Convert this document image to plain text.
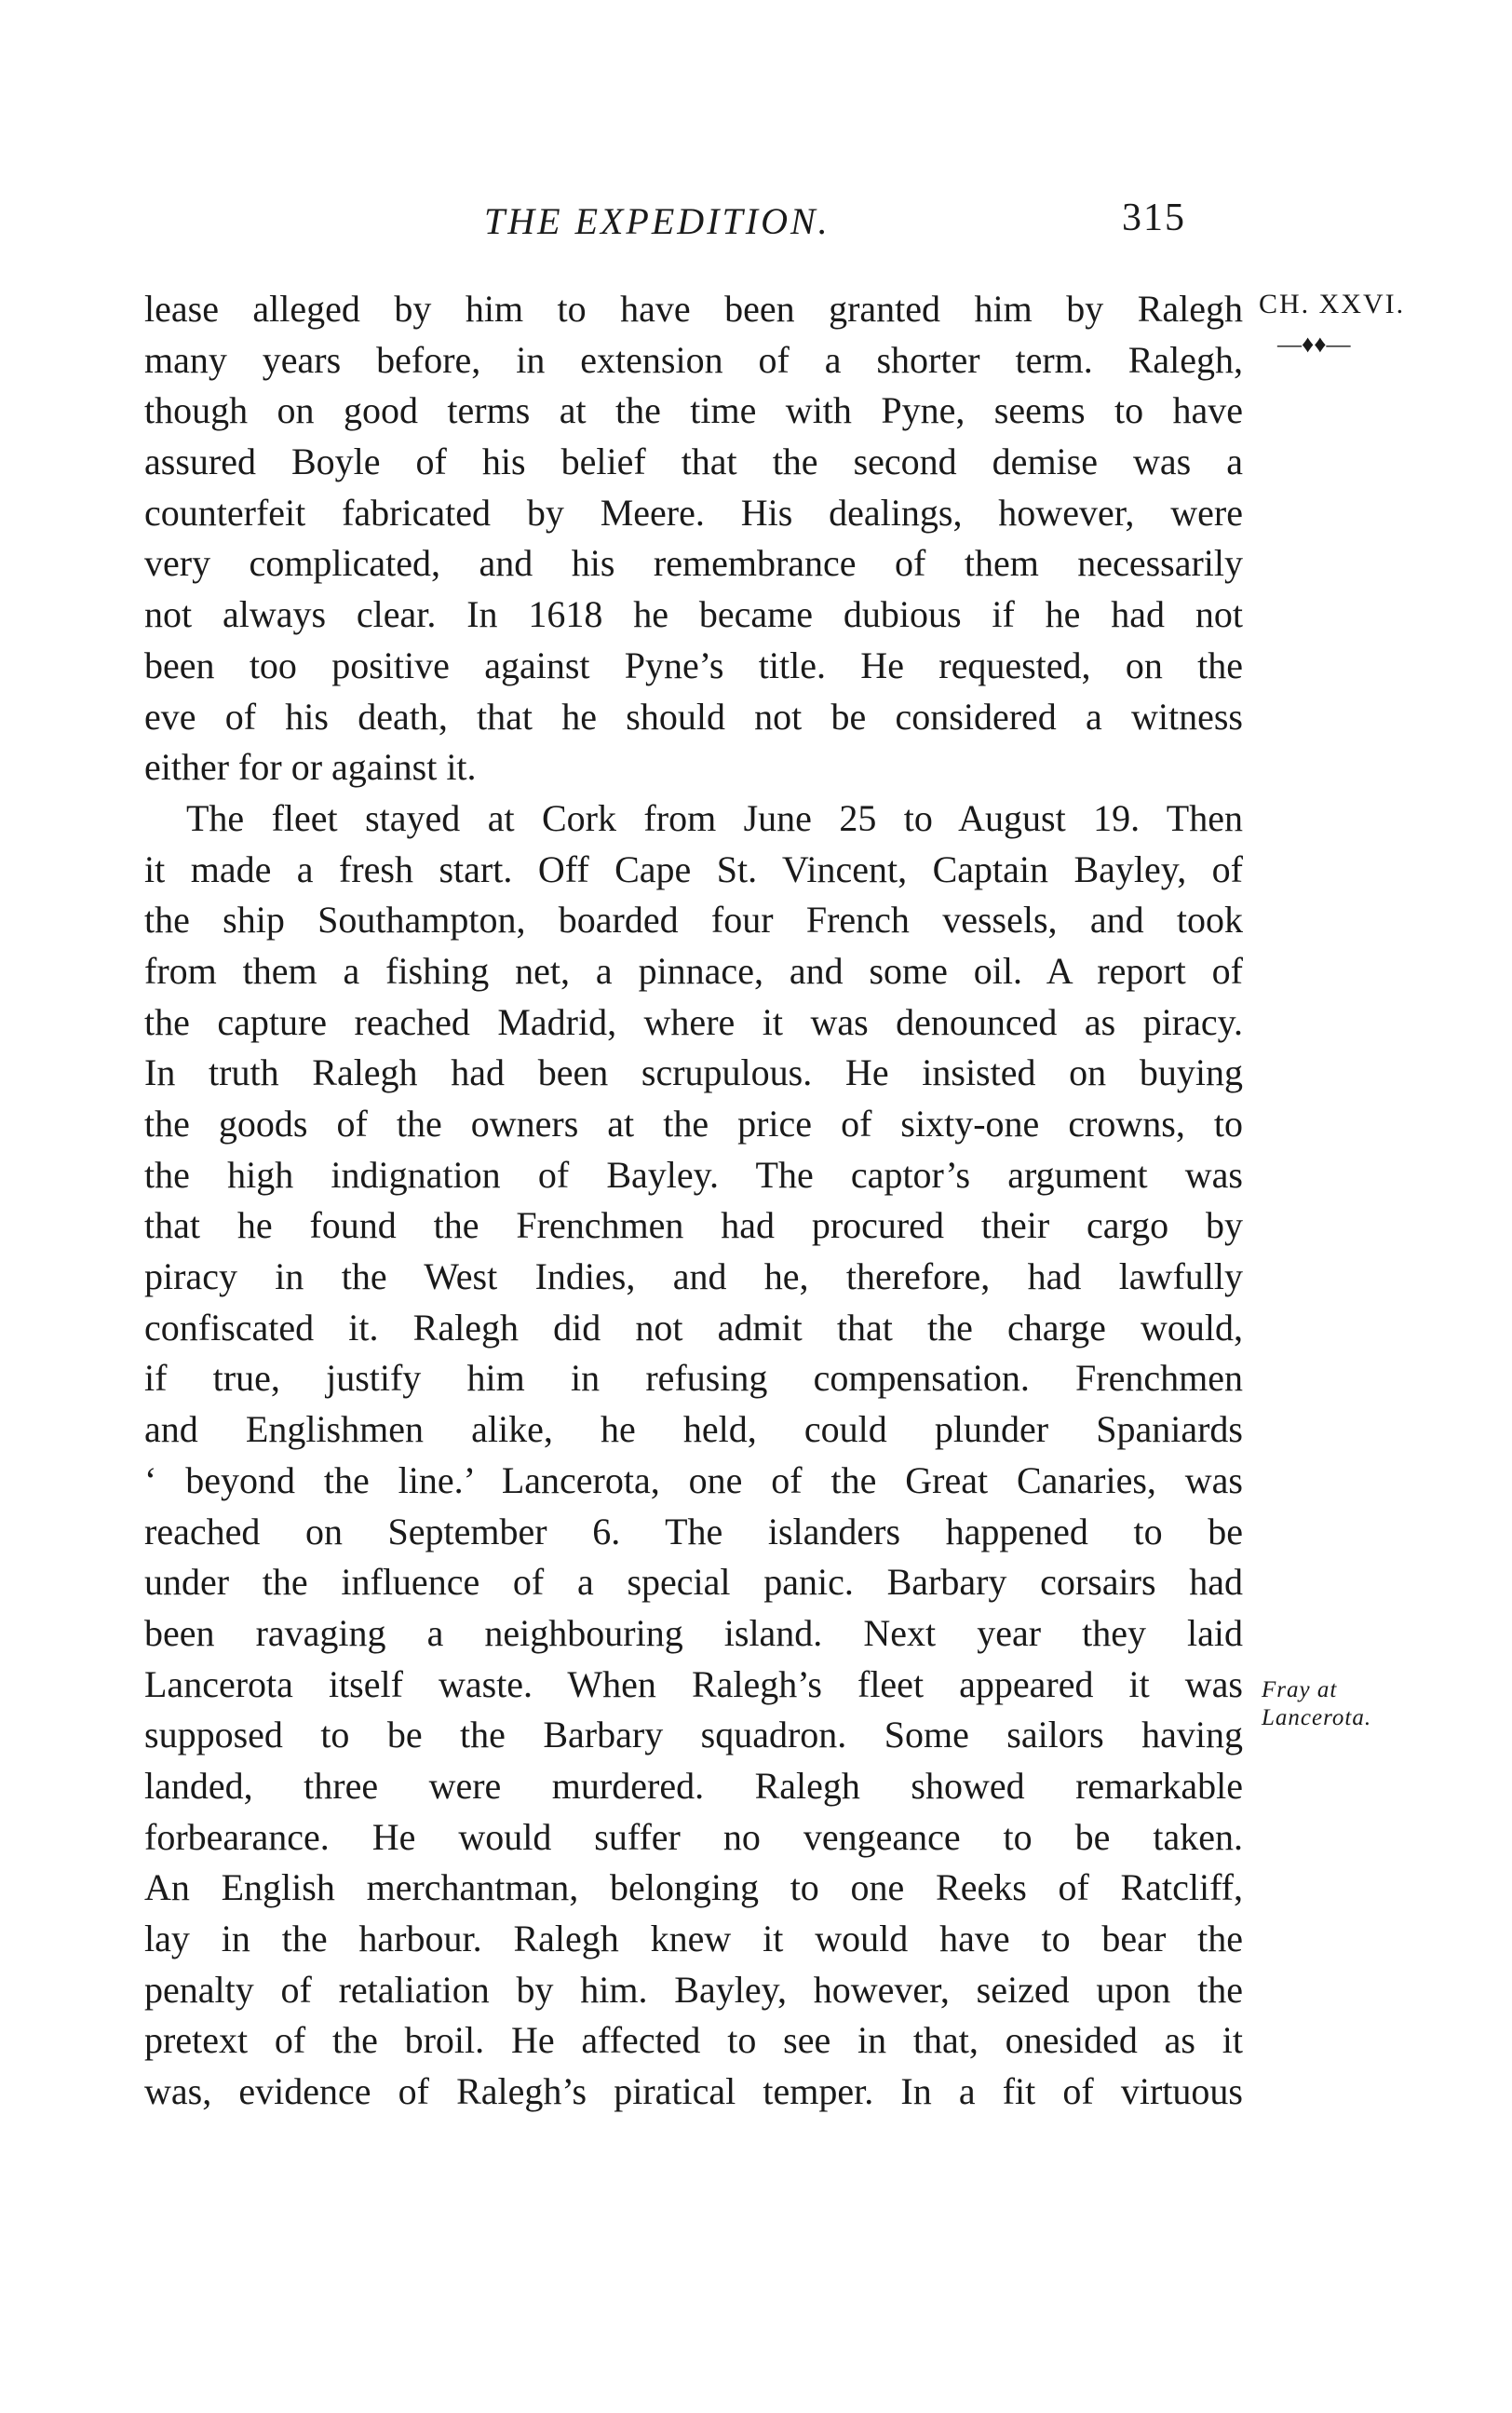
THE EXPEDITION.	315
CH. XXVI.
—♦♦—
Fray at
Lancerota.
lease alleged by him to have been granted him by Ralegh
many years before, in extension of a shorter term. Ralegh,
though on good terms at the time with Pyne, seems to have
assured Boyle of his belief that the second demise was a
counterfeit fabricated by Meere. His dealings, however, were
very complicated, and his remembrance of them necessarily
not always clear. In 1618 he became dubious if he had not
been too positive against Pyne’s title. He requested, on the
eve of his death, that he should not be considered a witness
either for or against it.
The fleet stayed at Cork from June 25 to August 19. Then
it made a fresh start. Off Cape St. Vincent, Captain Bayley, of
the ship Southampton, boarded four French vessels, and took
from them a fishing net, a pinnace, and some oil. A report of
the capture reached Madrid, where it was denounced as piracy.
In truth Ralegh had been scrupulous. He insisted on buying
the goods of the owners at the price of sixty-one crowns, to
the high indignation of Bayley. The captor’s argument was
that he found the Frenchmen had procured their cargo by
piracy in the West Indies, and he, therefore, had lawfully
confiscated it. Ralegh did not admit that the charge would,
if true, justify him in refusing compensation. Frenchmen
and Englishmen alike, he held, could plunder Spaniards
‘ beyond the line.’ Lancerota, one of the Great Canaries, was
reached on September 6. The islanders happened to be
under the influence of a special panic. Barbary corsairs had
been ravaging a neighbouring island. Next year they laid
Lancerota itself waste. When Ralegh’s fleet appeared it was
supposed to be the Barbary squadron. Some sailors having
landed, three were murdered. Ralegh showed remarkable
forbearance. He would suffer no vengeance to be taken.
An English merchantman, belonging to one Reeks of Ratcliff,
lay in the harbour. Ralegh knew it would have to bear the
penalty of retaliation by him. Bayley, however, seized upon the
pretext of the broil. He affected to see in that, onesided as it
was, evidence of Ralegh’s piratical temper. In a fit of virtuous
